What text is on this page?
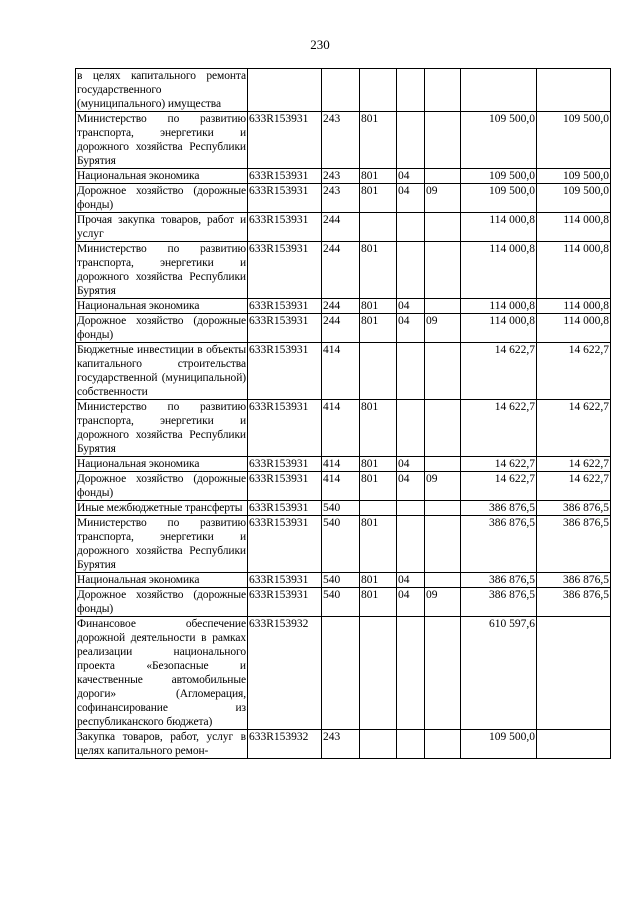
230
в целях капитального ремонта государственного (муниципального) имущества							
Министерство по развитию транспорта, энергетики и дорожного хозяйства Республики Бурятия	633R153931	243	801			109 500,0	109 500,0
Национальная экономика	633R153931	243	801	04		109 500,0	109 500,0
Дорожное хозяйство (дорожные фонды)	633R153931	243	801	04	09	109 500,0	109 500,0
Прочая закупка товаров, работ и услуг	633R153931	244				114 000,8	114 000,8
Министерство по развитию транспорта, энергетики и дорожного хозяйства Республики Бурятия	633R153931	244	801			114 000,8	114 000,8
Национальная экономика	633R153931	244	801	04		114 000,8	114 000,8
Дорожное хозяйство (дорожные фонды)	633R153931	244	801	04	09	114 000,8	114 000,8
Бюджетные инвестиции в объекты капитального строительства государственной (муниципальной) собственности	633R153931	414				14 622,7	14 622,7
Министерство по развитию транспорта, энергетики и дорожного хозяйства Республики Бурятия	633R153931	414	801			14 622,7	14 622,7
Национальная экономика	633R153931	414	801	04		14 622,7	14 622,7
Дорожное хозяйство (дорожные фонды)	633R153931	414	801	04	09	14 622,7	14 622,7
Иные межбюджетные трансферты	633R153931	540				386 876,5	386 876,5
Министерство по развитию транспорта, энергетики и дорожного хозяйства Республики Бурятия	633R153931	540	801			386 876,5	386 876,5
Национальная экономика	633R153931	540	801	04		386 876,5	386 876,5
Дорожное хозяйство (дорожные фонды)	633R153931	540	801	04	09	386 876,5	386 876,5
Финансовое обеспечение дорожной деятельности в рамках реализации национального проекта «Безопасные и качественные автомобильные дороги» (Агломерация, софинансирование из республиканского бюджета)	633R153932					610 597,6	
Закупка товаров, работ, услуг в целях капитального ремон-	633R153932	243				109 500,0	
